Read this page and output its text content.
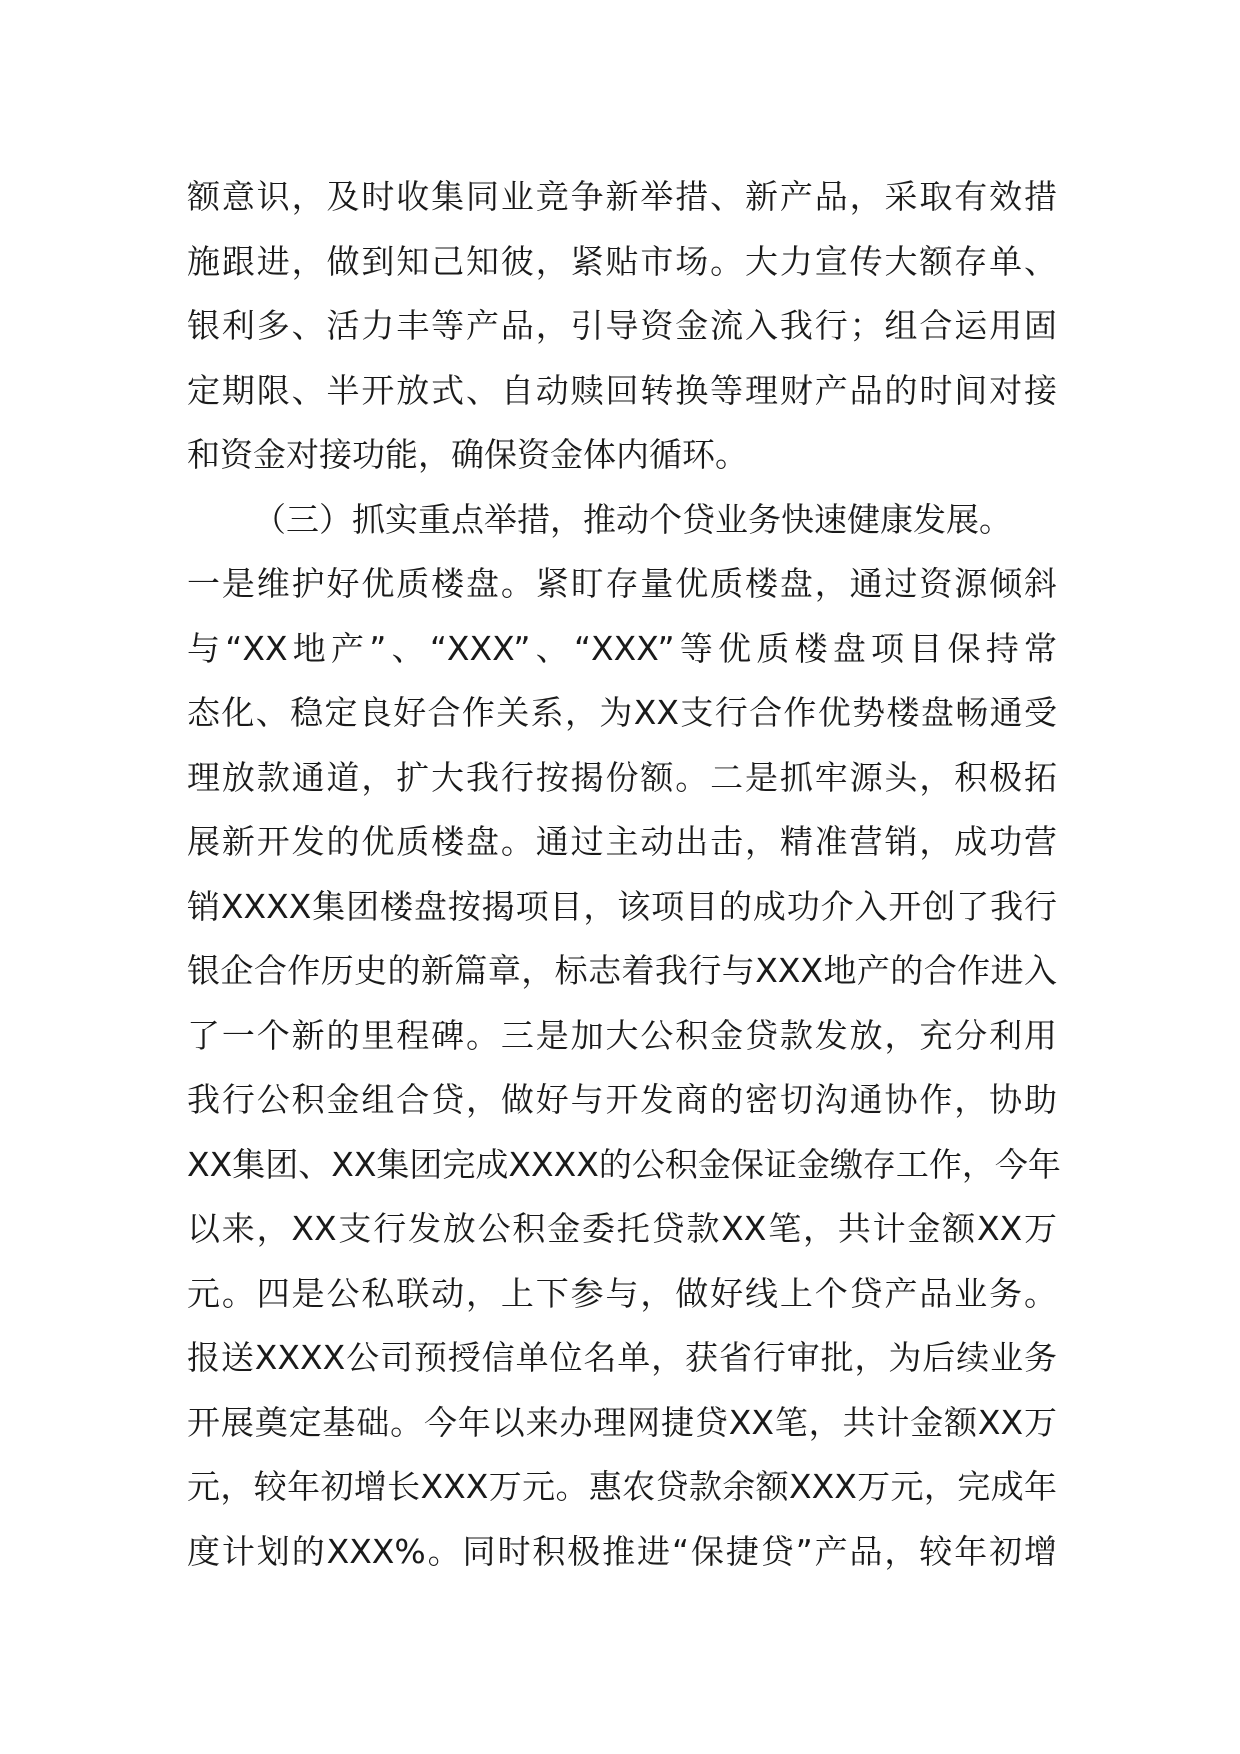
额意识，及时收集同业竞争新举措、新产品，采取有效措
施跟进，做到知己知彼，紧贴市场。大力宣传大额存单、
银利多、活力丰等产品，引导资金流入我行；组合运用固
定期限、半开放式、自动赎回转换等理财产品的时间对接
和资金对接功能，确保资金体内循环。
（三）抓实重点举措，推动个贷业务快速健康发展。
一是维护好优质楼盘。紧盯存量优质楼盘，通过资源倾斜
与“XX地产”、“XXX”、“XXX”等优质楼盘项目保持常
态化、稳定良好合作关系，为XX支行合作优势楼盘畅通受
理放款通道，扩大我行按揭份额。二是抓牢源头，积极拓
展新开发的优质楼盘。通过主动出击，精准营销，成功营
销XXXX集团楼盘按揭项目，该项目的成功介入开创了我行
银企合作历史的新篇章，标志着我行与XXX地产的合作进入
了一个新的里程碑。三是加大公积金贷款发放，充分利用
我行公积金组合贷，做好与开发商的密切沟通协作，协助
XX集团、XX集团完成XXXX的公积金保证金缴存工作，今年
以来，XX支行发放公积金委托贷款XX笔，共计金额XX万
元。四是公私联动，上下参与，做好线上个贷产品业务。
报送XXXX公司预授信单位名单，获省行审批，为后续业务
开展奠定基础。今年以来办理网捷贷XX笔，共计金额XX万
元，较年初增长XXX万元。惠农贷款余额XXX万元，完成年
度计划的XXX%。同时积极推进“保捷贷”产品，较年初增
